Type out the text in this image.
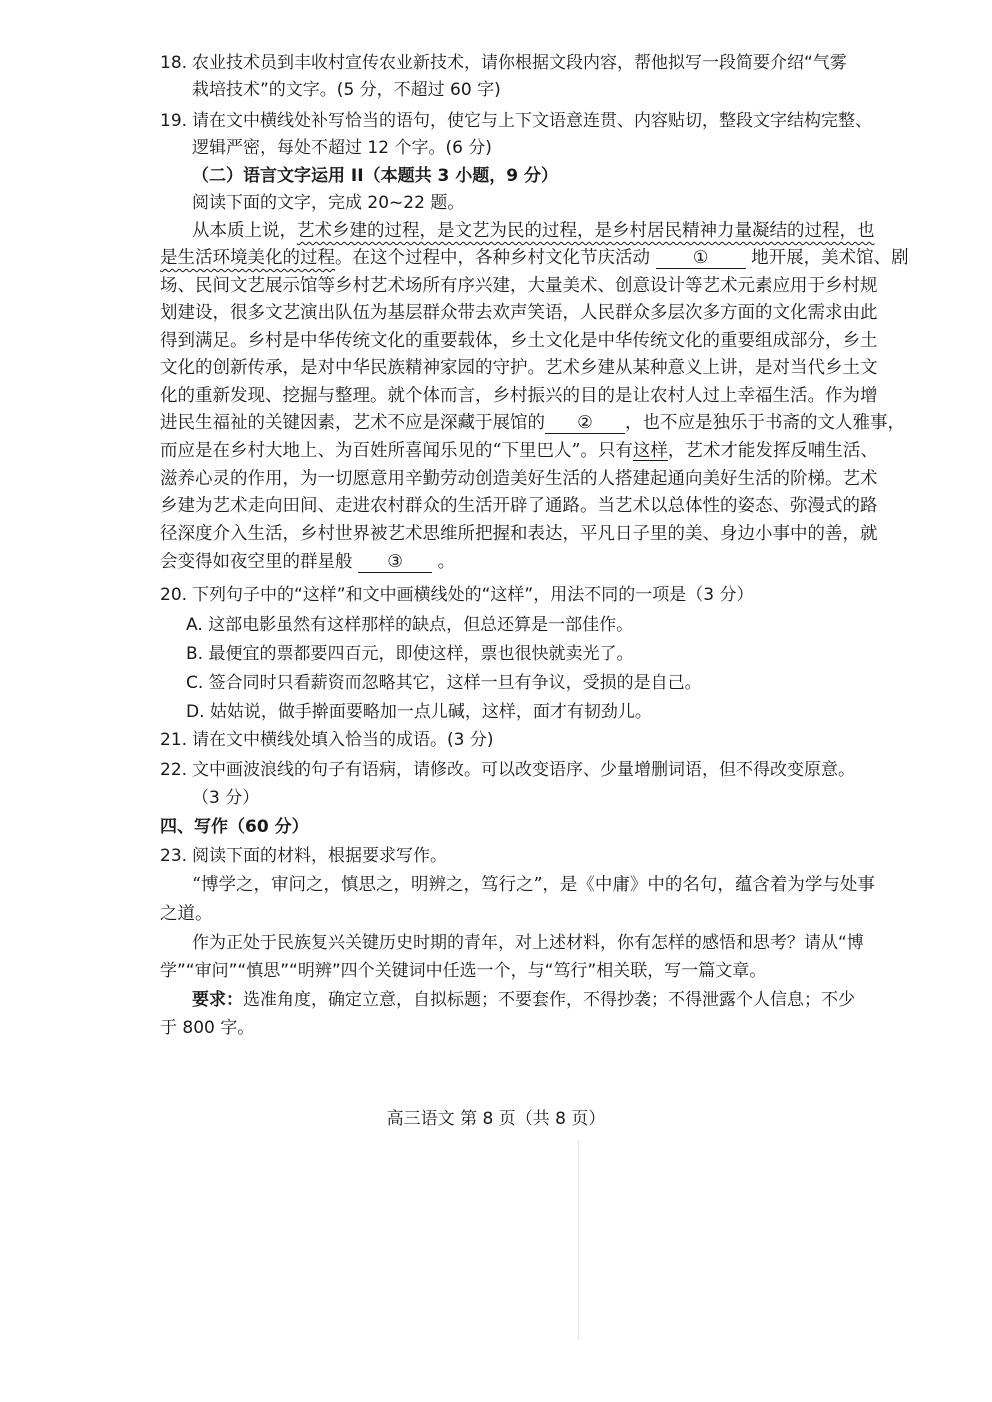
18. 农业技术员到丰收村宣传农业新技术，请你根据文段内容，帮他拟写一段简要介绍“气雾
栽培技术”的文字。(5 分，不超过 60 字)
19. 请在文中横线处补写恰当的语句，使它与上下文语意连贯、内容贴切，整段文字结构完整、
逻辑严密，每处不超过 12 个字。(6 分)
（二）语言文字运用 II（本题共 3 小题，9 分）
阅读下面的文字，完成 20~22 题。
从本质上说，艺术乡建的过程，是文艺为民的过程，是乡村居民精神力量凝结的过程，也
是生活环境美化的过程。在这个过程中，各种乡村文化节庆活动 ① 地开展，美术馆、剧
场、民间文艺展示馆等乡村艺术场所有序兴建，大量美术、创意设计等艺术元素应用于乡村规
划建设，很多文艺演出队伍为基层群众带去欢声笑语，人民群众多层次多方面的文化需求由此
得到满足。乡村是中华传统文化的重要载体，乡土文化是中华传统文化的重要组成部分，乡土
文化的创新传承，是对中华民族精神家园的守护。艺术乡建从某种意义上讲，是对当代乡土文
化的重新发现、挖掘与整理。就个体而言，乡村振兴的目的是让农村人过上幸福生活。作为增
进民生福祉的关键因素，艺术不应是深藏于展馆的 ② ，也不应是独乐于书斋的文人雅事，
而应是在乡村大地上、为百姓所喜闻乐见的“下里巴人”。只有这样，艺术才能发挥反哺生活、
滋养心灵的作用，为一切愿意用辛勤劳动创造美好生活的人搭建起通向美好生活的阶梯。艺术
乡建为艺术走向田间、走进农村群众的生活开辟了通路。当艺术以总体性的姿态、弥漫式的路
径深度介入生活，乡村世界被艺术思维所把握和表达，平凡日子里的美、身边小事中的善，就
会变得如夜空里的群星般 ③ 。
20. 下列句子中的“这样”和文中画横线处的“这样”，用法不同的一项是（3 分）
A. 这部电影虽然有这样那样的缺点，但总还算是一部佳作。
B. 最便宜的票都要四百元，即使这样，票也很快就卖光了。
C. 签合同时只看薪资而忽略其它，这样一旦有争议，受损的是自己。
D. 姑姑说，做手擀面要略加一点儿碱，这样，面才有韧劲儿。
21. 请在文中横线处填入恰当的成语。(3 分)
22. 文中画波浪线的句子有语病，请修改。可以改变语序、少量增删词语，但不得改变原意。
（3 分）
四、写作（60 分）
23. 阅读下面的材料，根据要求写作。
“博学之，审问之，慎思之，明辨之，笃行之”，是《中庸》中的名句，蕴含着为学与处事
之道。
作为正处于民族复兴关键历史时期的青年，对上述材料，你有怎样的感悟和思考？请从“博
学”“审问”“慎思”“明辨”四个关键词中任选一个，与“笃行”相关联，写一篇文章。
要求：选准角度，确定立意，自拟标题；不要套作，不得抄袭；不得泄露个人信息；不少
于 800 字。
高三语文 第 8 页（共 8 页）
